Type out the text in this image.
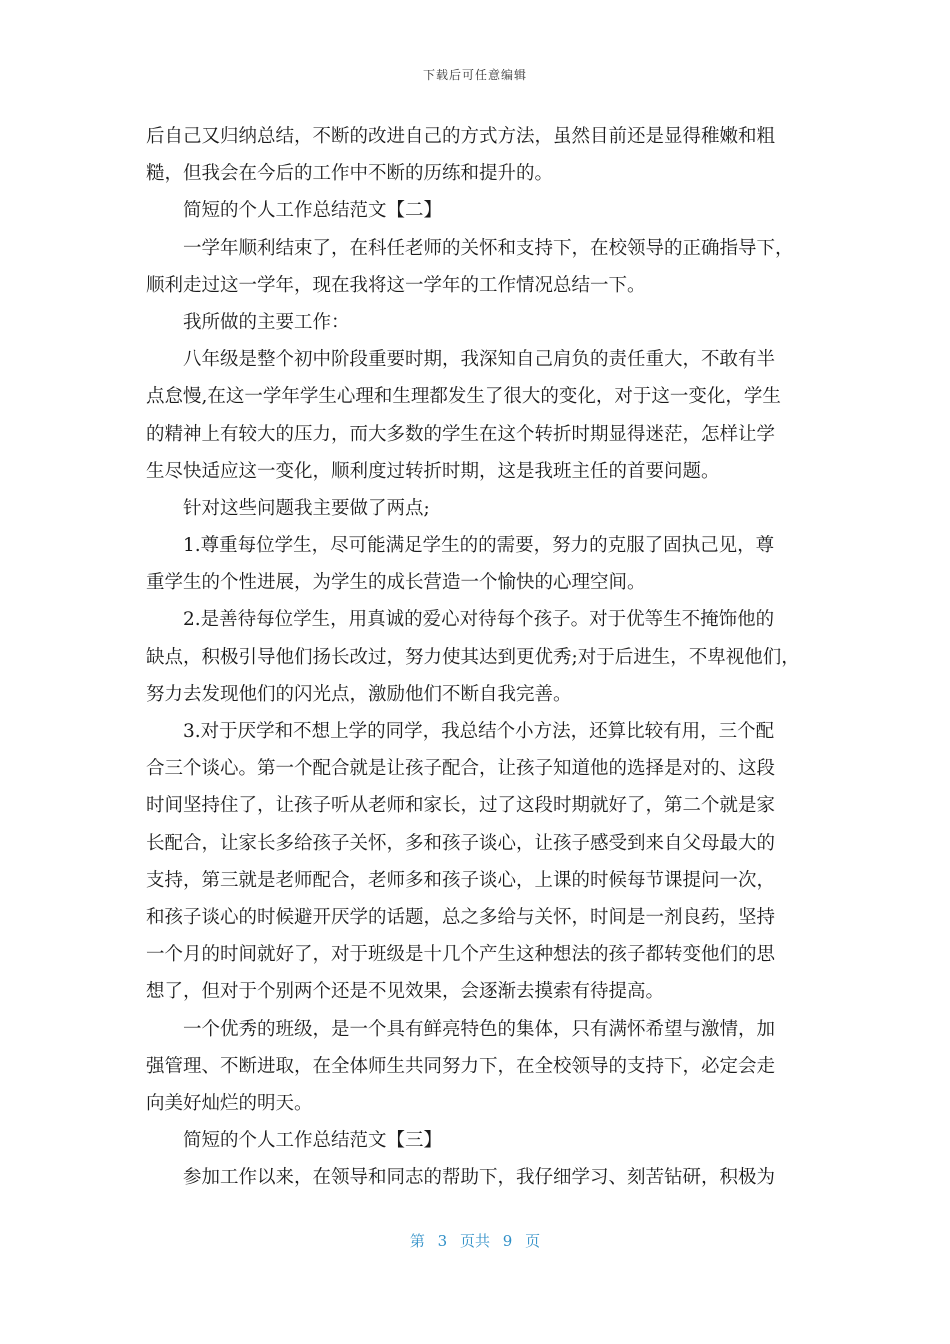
下载后可任意编辑
后自己又归纳总结，不断的改进自己的方式方法，虽然目前还是显得稚嫩和粗
糙，但我会在今后的工作中不断的历练和提升的。
简短的个人工作总结范文【二】
一学年顺利结束了，在科任老师的关怀和支持下，在校领导的正确指导下，
顺利走过这一学年，现在我将这一学年的工作情况总结一下。
我所做的主要工作：
八年级是整个初中阶段重要时期，我深知自己肩负的责任重大，不敢有半
点怠慢,在这一学年学生心理和生理都发生了很大的变化，对于这一变化，学生
的精神上有较大的压力，而大多数的学生在这个转折时期显得迷茫，怎样让学
生尽快适应这一变化，顺利度过转折时期，这是我班主任的首要问题。
针对这些问题我主要做了两点;
1.尊重每位学生，尽可能满足学生的的需要，努力的克服了固执己见，尊
重学生的个性进展，为学生的成长营造一个愉快的心理空间。
2.是善待每位学生，用真诚的爱心对待每个孩子。对于优等生不掩饰他的
缺点，积极引导他们扬长改过，努力使其达到更优秀;对于后进生，不卑视他们，
努力去发现他们的闪光点，激励他们不断自我完善。
3.对于厌学和不想上学的同学，我总结个小方法，还算比较有用，三个配
合三个谈心。第一个配合就是让孩子配合，让孩子知道他的选择是对的、这段
时间坚持住了，让孩子听从老师和家长，过了这段时期就好了，第二个就是家
长配合，让家长多给孩子关怀，多和孩子谈心，让孩子感受到来自父母最大的
支持，第三就是老师配合，老师多和孩子谈心，上课的时候每节课提问一次，
和孩子谈心的时候避开厌学的话题，总之多给与关怀，时间是一剂良药，坚持
一个月的时间就好了，对于班级是十几个产生这种想法的孩子都转变他们的思
想了，但对于个别两个还是不见效果，会逐渐去摸索有待提高。
一个优秀的班级，是一个具有鲜亮特色的集体，只有满怀希望与激情，加
强管理、不断进取，在全体师生共同努力下，在全校领导的支持下，必定会走
向美好灿烂的明天。
简短的个人工作总结范文【三】
参加工作以来，在领导和同志的帮助下，我仔细学习、刻苦钻研，积极为
第 3 页共 9 页
